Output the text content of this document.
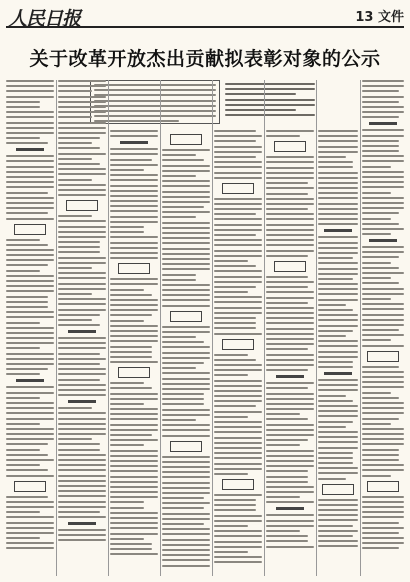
人民日报	13 文件
关于改革开放杰出贡献拟表彰对象的公示
